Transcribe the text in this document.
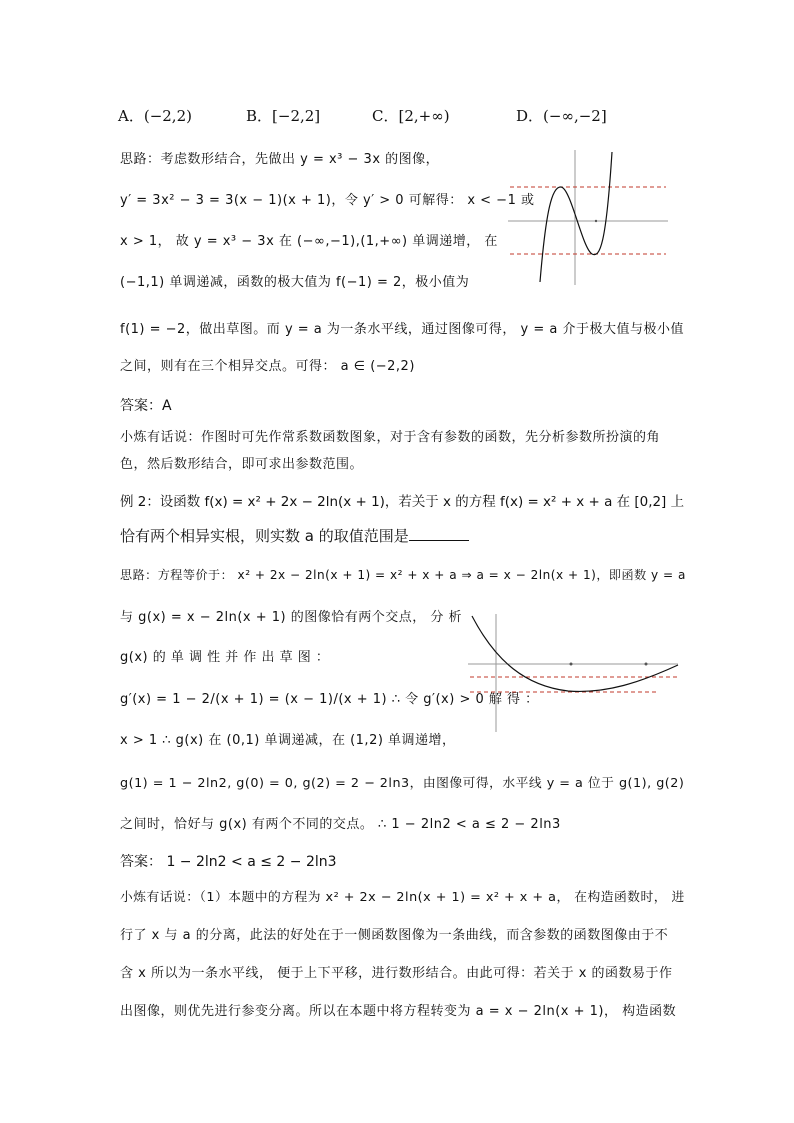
A．(−2,2)	B．[−2,2]	C．[2,+∞)	D．(−∞,−2]
思路：考虑数形结合，先做出 y = x³ − 3x 的图像，
y′ = 3x² − 3 = 3(x − 1)(x + 1)，令 y′ > 0 可解得： x < −1 或
x > 1， 故 y = x³ − 3x 在 (−∞,−1),(1,+∞) 单调递增， 在
(−1,1) 单调递减，函数的极大值为 f(−1) = 2，极小值为
f(1) = −2，做出草图。而 y = a 为一条水平线，通过图像可得， y = a 介于极大值与极小值
之间，则有在三个相异交点。可得： a ∈ (−2,2)
答案：A
小炼有话说：作图时可先作常系数函数图象，对于含有参数的函数，先分析参数所扮演的角
色，然后数形结合，即可求出参数范围。
例 2：设函数 f(x) = x² + 2x − 2ln(x + 1)，若关于 x 的方程 f(x) = x² + x + a 在 [0,2] 上
恰有两个相异实根，则实数 a 的取值范围是
思路：方程等价于： x² + 2x − 2ln(x + 1) = x² + x + a ⇒ a = x − 2ln(x + 1)，即函数 y = a
与 g(x) = x − 2ln(x + 1) 的图像恰有两个交点， 分 析
g(x) 的 单 调 性 并 作 出 草 图 ：
g′(x) = 1 − 2/(x + 1) = (x − 1)/(x + 1) ∴ 令 g′(x) > 0 解 得 ：
x > 1 ∴ g(x) 在 (0,1) 单调递减，在 (1,2) 单调递增，
g(1) = 1 − 2ln2, g(0) = 0, g(2) = 2 − 2ln3，由图像可得，水平线 y = a 位于 g(1), g(2)
之间时，恰好与 g(x) 有两个不同的交点。 ∴ 1 − 2ln2 < a ≤ 2 − 2ln3
答案： 1 − 2ln2 < a ≤ 2 − 2ln3
小炼有话说：（1）本题中的方程为 x² + 2x − 2ln(x + 1) = x² + x + a， 在构造函数时， 进
行了 x 与 a 的分离，此法的好处在于一侧函数图像为一条曲线，而含参数的函数图像由于不
含 x 所以为一条水平线， 便于上下平移，进行数形结合。由此可得：若关于 x 的函数易于作
出图像，则优先进行参变分离。所以在本题中将方程转变为 a = x − 2ln(x + 1)， 构造函数
